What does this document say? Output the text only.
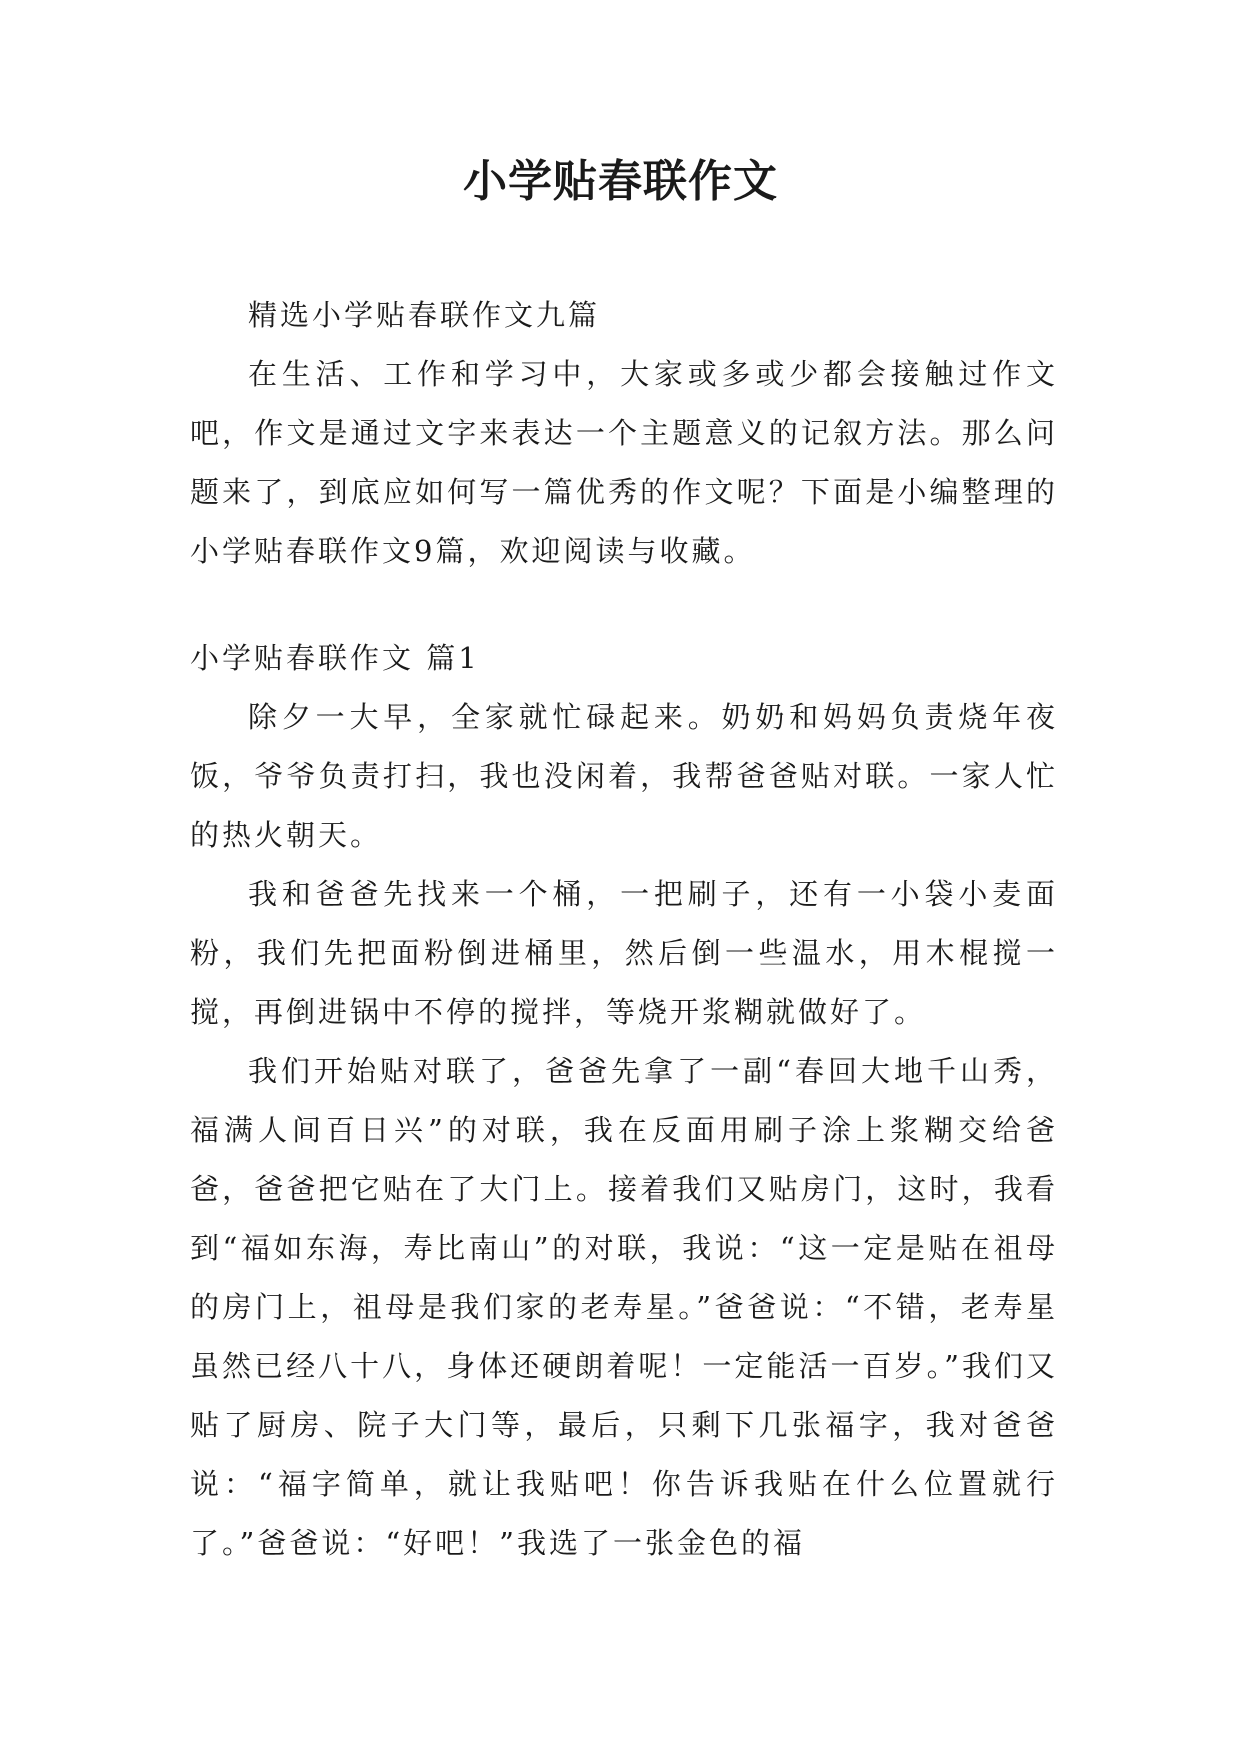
小学贴春联作文

精选小学贴春联作文九篇

在生活、工作和学习中，大家或多或少都会接触过作文吧，作文是通过文字来表达一个主题意义的记叙方法。那么问题来了，到底应如何写一篇优秀的作文呢？下面是小编整理的小学贴春联作文9篇，欢迎阅读与收藏。

小学贴春联作文 篇1

除夕一大早，全家就忙碌起来。奶奶和妈妈负责烧年夜饭，爷爷负责打扫，我也没闲着，我帮爸爸贴对联。一家人忙的热火朝天。

我和爸爸先找来一个桶，一把刷子，还有一小袋小麦面粉，我们先把面粉倒进桶里，然后倒一些温水，用木棍搅一搅，再倒进锅中不停的搅拌，等烧开浆糊就做好了。

我们开始贴对联了，爸爸先拿了一副“春回大地千山秀，福满人间百日兴”的对联，我在反面用刷子涂上浆糊交给爸爸，爸爸把它贴在了大门上。接着我们又贴房门，这时，我看到“福如东海，寿比南山”的对联，我说：“这一定是贴在祖母的房门上，祖母是我们家的老寿星。”爸爸说：“不错，老寿星虽然已经八十八，身体还硬朗着呢！一定能活一百岁。”我们又贴了厨房、院子大门等，最后，只剩下几张福字，我对爸爸说：“福字简单，就让我贴吧！你告诉我贴在什么位置就行了。”爸爸说：“好吧！”我选了一张金色的福
